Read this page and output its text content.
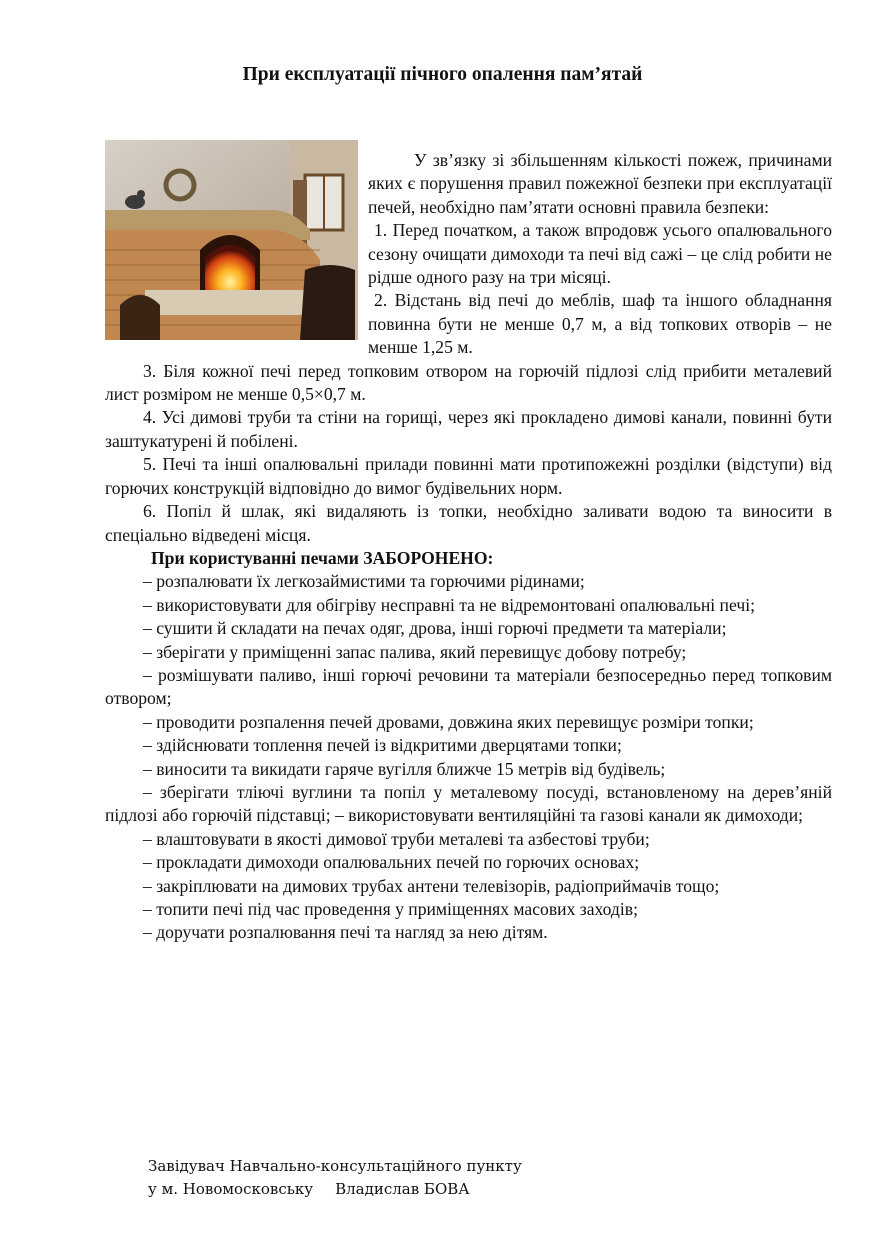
При експлуатації пічного опалення пам’ятай

У зв’язку зі збільшенням кількості пожеж, причинами яких є порушення правил пожежної безпеки при експлуатації печей, необхідно пам’ятати основні правила безпеки:

1. Перед початком, а також впродовж усього опалювального сезону очищати димоходи та печі від сажі – це слід робити не рідше одного разу на три місяці.

2. Відстань від печі до меблів, шаф та іншого обладнання повинна бути не менше 0,7 м, а від топкових отворів – не менше 1,25 м.

3. Біля кожної печі перед топковим отвором на горючій підлозі слід прибити металевий лист розміром не менше 0,5×0,7 м.

4. Усі димові труби та стіни на горищі, через які прокладено димові канали, повинні бути заштукатурені й побілені.

5. Печі та інші опалювальні прилади повинні мати протипожежні розділки (відступи) від горючих конструкцій відповідно до вимог будівельних норм.

6. Попіл й шлак, які видаляють із топки, необхідно заливати водою та виносити в спеціально відведені місця.

При користуванні печами ЗАБОРОНЕНО:

– розпалювати їх легкозаймистими та горючими рідинами;

– використовувати для обігріву несправні та не відремонтовані опалювальні печі;

– сушити й складати на печах одяг, дрова, інші горючі предмети та матеріали;

– зберігати у приміщенні запас палива, який перевищує добову потребу;

– розмішувати паливо, інші горючі речовини та матеріали безпосередньо перед топковим отвором;

– проводити розпалення печей дровами, довжина яких перевищує розміри топки;

– здійснювати топлення печей із відкритими дверцятами топки;

– виносити та викидати гаряче вугілля ближче 15 метрів від будівель;

– зберігати тліючі вуглини та попіл у металевому посуді, встановленому на дерев’яній підлозі або горючій підставці; – використовувати вентиляційні та газові канали як димоходи;

– влаштовувати в якості димової труби металеві та азбестові труби;

– прокладати димоходи опалювальних печей по горючих основах;

– закріплювати на димових трубах антени телевізорів, радіоприймачів тощо;

– топити печі під час проведення у приміщеннях масових заходів;

– доручати розпалювання печі та нагляд за нею дітям.

Завідувач Навчально-консультаційного пункту
у м. Новомосковську Владислав БОВА
